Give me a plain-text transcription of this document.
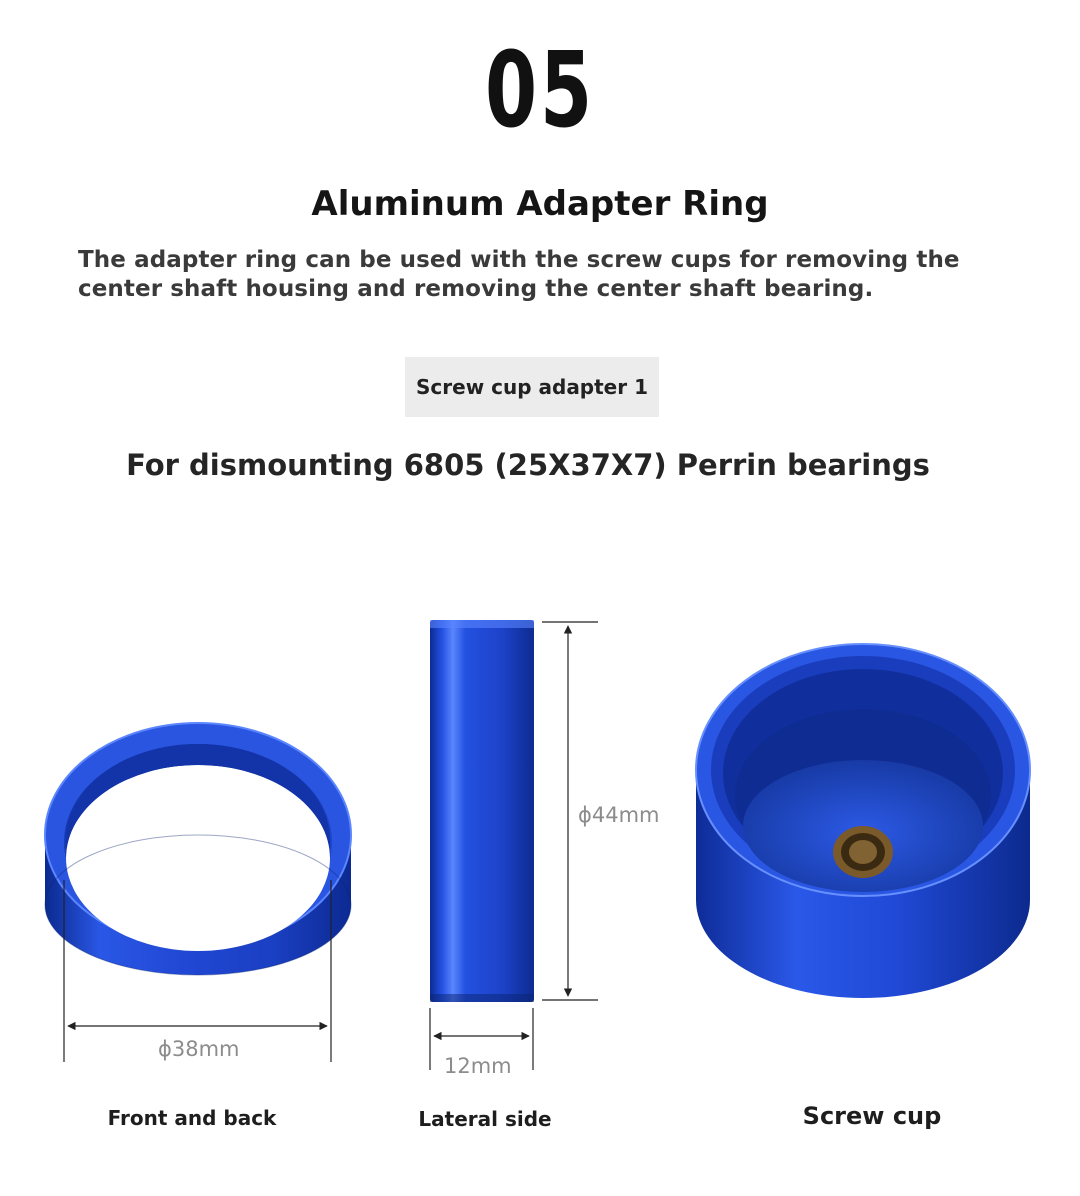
05
Aluminum Adapter Ring
The adapter ring can be used with the screw cups for removing the center shaft housing and removing the center shaft bearing.
Screw cup adapter 1
For dismounting 6805 (25X37X7) Perrin bearings
ϕ38mm
ϕ44mm
12mm
Front and back	Lateral side	Screw cup
